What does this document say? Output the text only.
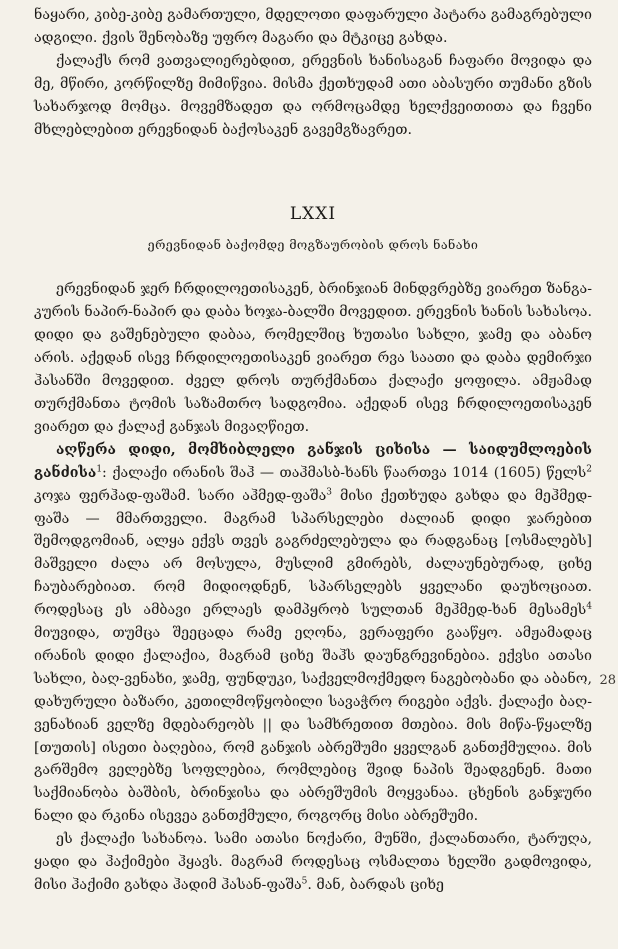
ნაყარი, კიბე-კიბე გამართული, მდელოთი დაფარული პატარა გამაგრებული ადგილი. ქვის შენობაზე უფრო მაგარი და მტკიცე გახდა.

ქალაქს რომ ვათვალიერებდით, ერევნის ხანისაგან ჩაფარი მოვიდა და მე, მწირი, კორწილზე მიმიწვია. მისმა ქეთხუდამ ათი აბასური თუმანი გზის სახარჯოდ მომცა. მოვემზადეთ და ორმოცამდე ხელქვეითითა და ჩვენი მხლებლებით ერევნიდან ბაქოსაკენ გავემგზავრეთ.

LXXI
ერევნიდან ბაქომდე მოგზაურობის დროს ნანახი

ერევნიდან ჯერ ჩრდილოეთისაკენ, ბრინჯიან მინდვრებზე ვიარეთ ზანგა-კურის ნაპირ-ნაპირ და დაბა ხოჯა-ბალში მოვედით. ერევნის ხანის სახასოა. დიდი და გაშენებული დაბაა, რომელშიც ხუთასი სახლი, ჯამე და აბანო არის. აქედან ისევ ჩრდილოეთისაკენ ვიარეთ რვა საათი და დაბა დემირჯი ჰასანში მოვედით. ძველ დროს თურქმანთა ქალაქი ყოფილა. ამჟამად თურქმანთა ტომის საზამთრო სადგომია. აქედან ისევ ჩრდილოეთისაკენ ვიარეთ და ქალაქ განჯას მივაღწიეთ.

აღწერა დიდი, მომხიბლელი განჯის ციხისა — საიდუმლოების განძისა$^1$: ქალაქი ირანის შაჰ — თაჰმასბ-ხანს წაართვა 1014 (1605) წელს$^2$ კოჯა ფერჰად-ფაშამ. სარი აჰმედ-ფაშა$^3$ მისი ქეთხუდა გახდა და მეჰმედ-ფაშა — მმართველი. მაგრამ სპარსელები ძალიან დიდი ჯარებით შემოდგომიან, ალყა ექვს თვეს გაგრძელებულა და რადგანაც [ოსმალებს] მაშველი ძალა არ მოსულა, მუსლიმ გმირებს, ძალაუნებურად, ციხე ჩაუბარებიათ. რომ მიდიოდნენ, სპარსელებს ყველანი დაუხოციათ. როდესაც ეს ამბავი ერლაეს დამპყრობ სულთან მეჰმედ-ხან მესამეს$^4$ მიუვიდა, თუმცა შეეცადა რამე ეღონა, ვერაფერი გააწყო. ამჟამადაც ირანის დიდი ქალაქია, მაგრამ ციხე შაჰს დაუნგრევინებია. ექვსი ათასი სახლი, ბაღ-ვენახი, ჯამე, ფუნდუკი, საქველმოქმედო ნაგებობანი და აბანო, დახურული ბაზარი, კეთილმოწყობილი სავაჭრო რიგები აქვს. ქალაქი ბაღ-ვენახიან ველზე მდებარეობს || და სამხრეთით მთებია. მის მიწა-წყალზე [თუთის] ისეთი ბაღებია, რომ განჯის აბრეშუმი ყველგან განთქმულია. მის გარშემო ველებზე სოფლებია, რომლებიც შვიდ ნაპის შეადგენენ. მათი საქმიანობა ბაშბის, ბრინჯისა და აბრეშუმის მოყვანაა. ცხენის განჯური ნალი და რკინა ისევეა განთქმული, როგორც მისი აბრეშუმი.

ეს ქალაქი სახანოა. სამი ათასი ნოქარი, მუნში, ქალანთარი, ტარუღა, ყადი და ჰაქიმები ჰყავს. მაგრამ როდესაც ოსმალთა ხელში გადმოვიდა, მისი ჰაქიმი გახდა ჰადიმ ჰასან-ფაშა$^5$. მან, ბარდას ციხე

28
